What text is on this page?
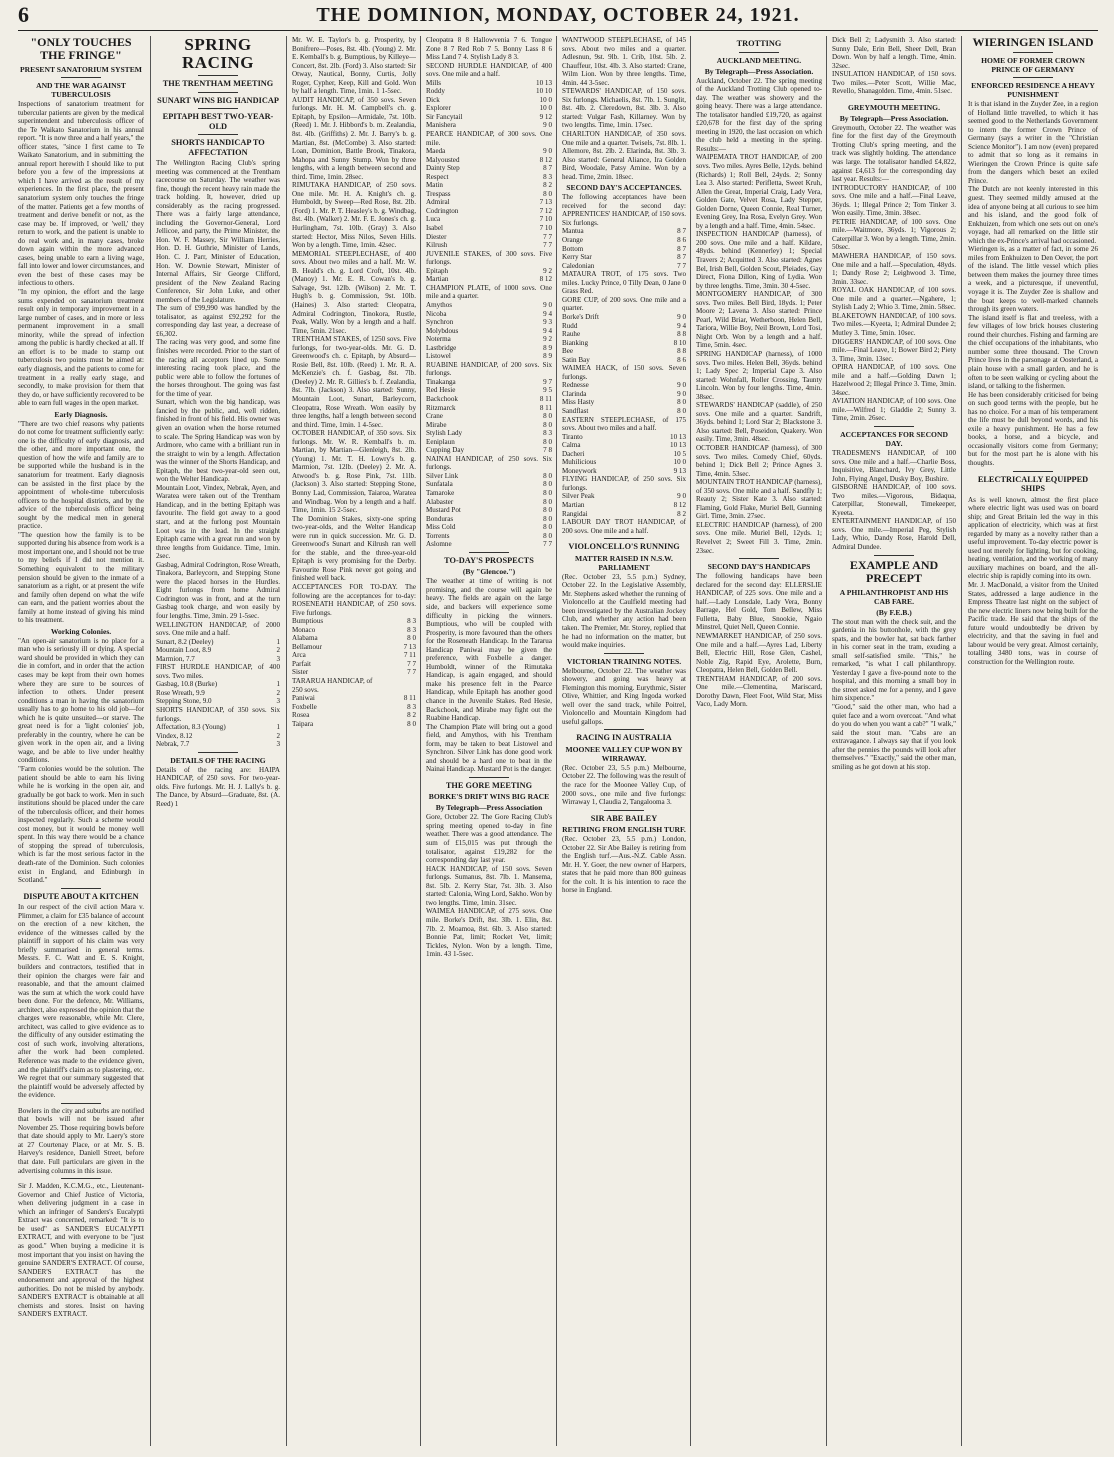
6	THE DOMINION, MONDAY, OCTOBER 24, 1921.
"ONLY TOUCHES THE FRINGE"
PRESENT SANATORIUM SYSTEM
AND THE WAR AGAINST TUBERCULOSIS

Inspections of sanatorium treatment for tubercular patients are given by the medical superintendent and tuberculosis officer of the Te Waikato Sanatorium in his annual report. "It is now three and a half years," the officer states, "since I first came to Te Waikato Sanatorium, and in submitting the annual report herewith I should like to put before you a few of the impressions at which I have arrived as the result of my experiences. In the first place, the present sanatorium system only touches the fringe of the matter. Patients get a few months of treatment and derive benefit or not, as the case may be. If improved, or 'well,' they return to work, and the patient is unable to do real work and, in many cases, broke down again within the more advanced cases, being unable to earn a living wage, fall into lower and lower circumstances, and even the best of these cases may be infectious to others.

"In my opinion, the effort and the large sums expended on sanatorium treatment result only in temporary improvement in a large number of cases, and in more or less permanent improvement in a small minority, while the spread of infection among the public is hardly checked at all. If an effort is to be made to stamp out tuberculosis two points must be aimed at: early diagnosis, and the patients to come for treatment in a really early stage, and secondly, to make provision for them that they do, or have sufficiently recovered to be able to earn full wages in the open market.

Early Diagnosis.

"There are two chief reasons why patients do not come for treatment sufficiently early: one is the difficulty of early diagnosis, and the other, and more important one, the question of how the wife and family are to be supported while the husband is in the sanatorium for treatment. Early diagnosis can be assisted in the first place by the appointment of whole-time tuberculosis officers to the hospital districts, and by the advice of the tuberculosis officer being sought by the medical men in general practice.

"The question how the family is to be supported during his absence from work is a most important one, and I should not be true to my beliefs if I did not mention it. Something equivalent to the military pension should be given to the inmate of a sanatorium as a right, or at present the wife and family often depend on what the wife can earn, and the patient worries about the family at home instead of giving his mind to his treatment.

Working Colonies.

"An open-air sanatorium is no place for a man who is seriously ill or dying. A special ward should be provided in which they can die in comfort, and in order that the action cases may be kept from their own homes where they are sure to be sources of infection to others. Under present conditions a man in having the sanatorium usually has to go home to his old job—for which he is quite unsuited—or starve. The great need is for a 'light colonies' job, preferably in the country, where he can be given work in the open air, and a living wage, and be able to live under healthy conditions.

"Farm colonies would be the solution. The patient should be able to earn his living while he is working in the open air, and gradually be got back to work. Men in such institutions should be placed under the care of the tuberculosis officer, and their homes inspected regularly. Such a scheme would cost money, but it would be money well spent. In this way there would be a chance of stopping the spread of tuberculosis, which is far the most serious factor in the death-rate of the Dominion. Such colonies exist in England, and Edinburgh in Scotland."

DISPUTE ABOUT A KITCHEN

In our respect of the civil action Mara v. Plimmer, a claim for £35 balance of account on the erection of a new kitchen, the evidence of the witnesses called by the plaintiff in support of his claim was very briefly summarised in general terms. Messrs. F. C. Watt and E. S. Knight, builders and contractors, testified that in their opinion the charges were fair and reasonable, and that the amount claimed was the sum at which the work could have been done. For the defence, Mr. Williams, architect, also expressed the opinion that the charges were reasonable, while Mr. Clere, architect, was called to give evidence as to the difficulty of any outsider estimating the cost of such work, involving alterations, after the work had been completed. Reference was made to the evidence given, and the plaintiff's claim as to plastering, etc. We regret that our summary suggested that the plaintiff would be adversely affected by the evidence.

Bowlers in the city and suburbs are notified that bowls will not be issued after November 25. Those requiring bowls before that date should apply to Mr. Laery's store at 27 Courtenay Place, or at Mr. S. B. Harvey's residence, Daniell Street, before that date. Full particulars are given in the advertising columns in this issue.

Sir J. Madden, K.C.M.G., etc., Lieutenant-Governor and Chief Justice of Victoria, when delivering judgment in a case in which an infringer of Sanders's Eucalypti Extract was concerned, remarked: "It is to be used" as SANDER'S EUCALYPTI EXTRACT, and with everyone to be "just as good." When buying a medicine it is most important that you insist on having the genuine SANDER'S EXTRACT. Of course, SANDER'S EXTRACT has the endorsement and approval of the highest authorities. Do not be misled by anybody. SANDER'S EXTRACT is obtainable at all chemists and stores. Insist on having SANDER'S EXTRACT.

SPRING RACING
THE TRENTHAM MEETING
SUNART WINS BIG HANDICAP
EPITAPH BEST TWO-YEAR-OLD
SHORTS HANDICAP TO AFFECTATION

The Wellington Racing Club's spring meeting was commenced at the Trentham racecourse on Saturday. The weather was fine, though the recent heavy rain made the track holding. It, however, dried up considerably as the racing progressed. There was a fairly large attendance, including the Governor-General, Lord Jellicoe, and party, the Prime Minister, the Hon. W. F. Massey, Sir William Herries, Hon. D. H. Guthrie, Minister of Lands, Hon. C. J. Parr, Minister of Education, Hon. W. Downie Stewart, Minister of Internal Affairs, Sir George Clifford, president of the New Zealand Racing Conference, Sir John Luke, and other members of the Legislature.

The sum of £99,990 was handled by the totalisator, as against £92,292 for the corresponding day last year, a decrease of £6,302.

The racing was very good, and some fine finishes were recorded. Prior to the start of the racing all acceptors lined up. Some interesting racing took place, and the public were able to follow the fortunes of the horses throughout. The going was fast for the time of year.

Sunart, which won the big handicap, was fancied by the public, and, well ridden, finished in front of his field. His owner was given an ovation when the horse returned to scale. The Spring Handicap was won by Ardmore, who came with a brilliant run in the straight to win by a length. Affectation was the winner of the Shorts Handicap, and Epitaph, the best two-year-old seen out, won the Welter Handicap.

Mountain Loot, Vindex, Nebrak, Ayen, and Waratea were taken out of the Trentham Handicap, and in the betting Epitaph was favourite. The field got away to a good start, and at the furlong post Mountain Loot was in the lead. In the straight Epitaph came with a great run and won by three lengths from Guidance. Time, 1min. 2sec.

Gasbag, Admiral Codrington, Rose Wreath, Tinakora, Barleycorn, and Stepping Stone were the placed horses in the Hurdles. Eight furlongs from home Admiral Codrington was in front, and at the turn Gasbag took charge, and won easily by four lengths. Time, 3min. 29 1-5sec.

WELLINGTON HANDICAP, of 2000 sovs. One mile and a half.

Sunart, 8.2 (Deeley)	1
Mountain Loot, 8.9	2
Marmion, 7.7	3

FIRST HURDLE HANDICAP, of 400 sovs. Two miles.

Gasbag, 10.8 (Burke)	1
Rose Wreath, 9.9	2
Stepping Stone, 9.0	3

SHORTS HANDICAP, of 350 sovs. Six furlongs.

Affectation, 8.3 (Young)	1
Vindex, 8.12	2
Nebrak, 7.7	3
DETAILS OF THE RACING

Details of the racing are: HAIPA HANDICAP, of 250 sovs. For two-year-olds. Five furlongs. Mr. H. J. Lally's b. g. The Dance, by Absurd—Graduate, 8st. (A. Reed) 1

Mr. W. E. Taylor's b. g. Prosperity, by Bonifrere—Poses, 8st. 4lb. (Young) 2. Mr. E. Kemball's b. g. Bumptious, by Killeye—Concert, 8st. 2lb. (Ford) 3. Also started: Sir Otway, Nautical, Bonny, Curtis, Jolly Roger, Cypher, Keep, Kill and Gold. Won by half a length. Time, 1min. 1 1-5sec.

AUDIT HANDICAP, of 350 sovs. Seven furlongs. Mr. H. M. Campbell's ch. g. Epitaph, by Epsilon—Armidale, 7st. 10lb. (Reed) 1. Mr. J. Hibbord's b. m. Zealandia, 8st. 4lb. (Griffiths) 2. Mr. J. Barry's b. g. Martian, 8st. (McCombe) 3. Also started: Loan, Dominion, Battle Brook, Tinakora, Mahopa and Sunny Stump. Won by three lengths, with a length between second and third. Time, 1min. 28sec.

RIMUTAKA HANDICAP, of 250 sovs. One mile. Mr. H. A. Knight's ch. g. Humboldt, by Sweep—Red Rose, 8st. 2lb. (Ford) 1. Mr. P. T. Heasley's b. g. Windbag, 8st. 4lb. (Walker) 2. Mr. F. E. Jones's ch. g. Hurlingham, 7st. 10lb. (Gray) 3. Also started: Hector, Miss Nilos, Seven Hills. Won by a length. Time, 1min. 42sec.

MEMORIAL STEEPLECHASE, of 400 sovs. About two miles and a half. Mr. W. B. Heald's ch. g. Lord Croft, 10st. 4lb. (Manoy) 1. Mr. E. R. Cowan's b. g. Salvage, 9st. 12lb. (Wilson) 2. Mr. T. Hugh's b. g. Commission, 9st. 10lb. (Haines) 3. Also started: Cleopatra, Admiral Codrington, Tinokora, Rustle, Peak, Wally. Won by a length and a half. Time, 5min. 21sec.

TRENTHAM STAKES, of 1250 sovs. Five furlongs, for two-year-olds. Mr. G. D. Greenwood's ch. c. Epitaph, by Absurd—Rosie Bell, 8st. 10lb. (Reed) 1. Mr. R. A. McKenzie's ch. f. Gasbag, 8st. 7lb. (Deeley) 2. Mr. R. Gillies's b. f. Zealandia, 8st. 7lb. (Jackson) 3. Also started: Sunny, Mountain Loot, Sunart, Barleycorn, Cleopatra, Rose Wreath. Won easily by three lengths, half a length between second and third. Time, 1min. 1 4-5sec.

OCTOBER HANDICAP, of 350 sovs. Six furlongs. Mr. W. R. Kemball's b. m. Martian, by Martian—Glenleigh, 8st. 2lb. (Young) 1. Mr. T. H. Lowry's b. g. Marmion, 7st. 12lb. (Deeley) 2. Mr. A. Atwood's b. g. Rose Pink, 7st. 11lb. (Jackson) 3. Also started: Stepping Stone, Bonny Lad, Commission, Taiaroa, Waratea and Windbag. Won by a length and a half. Time, 1min. 15 2-5sec.

The Dominion Stakes, sixty-one spring two-year-olds, and the Welter Handicap were run in quick succession. Mr. G. D. Greenwood's Sunart and Kilrush ran well for the stable, and the three-year-old Epitaph is very promising for the Derby. Favourite Rose Pink never got going and finished well back.

ACCEPTANCES FOR TO-DAY. The following are the acceptances for to-day: ROSENEATH HANDICAP, of 250 sovs. Five furlongs.

Bumptious	8 3
Monaco	8 3
Alabama	8 0
Bellamour	7 13
Arca	7 11
Parfait	7 7
Sister	7 7
TARARUA HANDICAP, of 250 sovs.
Paniwai	8 11
Foxbelle	8 3
Rosea	8 2
Taipara	8 0

Cleopatra 8 8 Hallowvenia 7 6. Tongue Zone 8 7 Red Rob 7 5. Bonny Lass 8 6 Miss Land 7 4. Stylish Lady 8 3.

SECOND HURDLE HANDICAP, of 400 sovs. One mile and a half.

Mills	10 13
Roddy	10 10
Dick	10 0
Explorer	10 0
Sir Fancytail	9 12
Manishera	9 0

PEARCE HANDICAP, of 300 sovs. One mile.

Maeda	9 0
Malyousted	8 12
Dainty Step	8 7
Respect	8 3
Matin	8 2
Trespass	8 0
Admiral	7 13
Codrington	7 12
Luca	7 10
Isabel	7 10
Diester	7 7
Kilrush	7 7

JUVENILE STAKES, of 300 sovs. Five furlongs.

Epitaph	9 2
Martian	8 12

CHAMPION PLATE, of 1000 sovs. One mile and a quarter.

Amythos	9 0
Nicoba	9 4
Synchron	9 3
Molybdous	9 4
Noterma	9 2
Lastbridge	8 9
Listowel	8 9

RUABINE HANDICAP, of 200 sovs. Six furlongs.

Tinakanga	9 7
Red Hesie	9 5
Backchook	8 11
Ritzmarck	8 11
Crane	8 0
Mirabe	8 0
Stylish Lady	8 3
Eeniplaun	8 0
Cupping Day	7 8

NAINAI HANDICAP, of 250 sovs. Six furlongs.

Silver Link	8 0
Sunfatala	8 0
Tamaroke	8 0
Alabaster	8 0
Mustard Pot	8 0
Bonduras	8 0
Miss Cold	8 0
Torrents	8 0
Aslomne	7 7
TO-DAY'S PROSPECTS
(By "Glencoe.")

The weather at time of writing is not promising, and the course will again be heavy. The fields are again on the large side, and backers will experience some difficulty in picking the winners. Bumptious, who will be coupled with Prosperity, is more favoured than the others for the Roseneath Handicap. In the Tararua Handicap Paniwai may be given the preference, with Foxbelle a danger. Humboldt, winner of the Rimutaka Handicap, is again engaged, and should make his presence felt in the Pearce Handicap, while Epitaph has another good chance in the Juvenile Stakes. Red Hesie, Backchook, and Mirabe may fight out the Ruabine Handicap.

The Champion Plate will bring out a good field, and Amythos, with his Trentham form, may be taken to beat Listowel and Synchron. Silver Link has done good work and should be a hard one to beat in the Nainai Handicap. Mustard Pot is the danger.

THE GORE MEETING
BORKE'S DRIFT WINS BIG RACE
By Telegraph—Press Association

Gore, October 22. The Gore Racing Club's spring meeting opened to-day in fine weather. There was a good attendance. The sum of £15,015 was put through the totalisator, against £19,282 for the corresponding day last year.

HACK HANDICAP, of 150 sovs. Seven furlongs. Sumanus, 8st. 7lb. 1. Mansema, 8st. 5lb. 2. Kerry Star, 7st. 3lb. 3. Also started: Calonia, Wing Lord, Sakho. Won by two lengths. Time, 1min. 31sec.

WAIMEA HANDICAP, of 275 sovs. One mile. Borke's Drift, 8st. 3lb. 1. Elin, 8st. 7lb. 2. Moamoa, 8st. 6lb. 3. Also started: Bonnie Pat, limit; Rocket Vet, limit; Tickles, Nylon. Won by a length. Time, 1min. 43 1-5sec.

WANTWOOD STEEPLECHASE, of 145 sovs. About two miles and a quarter. Adlesnun, 9st. 9lb. 1. Crib, 10st. 5lb. 2. Chauffeur, 10st. 4lb. 3. Also started: Crane, Wilm Lion. Won by three lengths. Time, 4min. 44 3-5sec.

STEWARDS' HANDICAP, of 150 sovs. Six furlongs. Michaelis, 8st. 7lb. 1. Sunglit, 8st. 4lb. 2. Cleredown, 8st. 3lb. 3. Also started: Vulgar Fash, Killarney. Won by two lengths. Time, 1min. 17sec.

CHARLTON HANDICAP, of 350 sovs. One mile and a quarter. Twisels, 7st. 8lb. 1. Allemore, 8st. 2lb. 2. Elarinda, 8st. 3lb. 3. Also started: General Aliance, Ira Golden Bird, Woodale, Patsy Amine. Won by a head. Time, 2min. 18sec.

SECOND DAY'S ACCEPTANCES.

The following acceptances have been received for the second day: APPRENTICES' HANDICAP, of 150 sovs. Six furlongs.

Mantua	8 7
Orange	8 6
Bottom	8 7
Kerry Star	8 7
Caledonian	7 7

MATAURA TROT, of 175 sovs. Two miles. Lucky Prince, 0 Tilly Dean, 0 Jane 0 Grass Red.

GORE CUP, of 200 sovs. One mile and a quarter.

Borke's Drift	9 0
Rudd	9 4
Rauhe	8 8
Bianking	8 10
Bee	8 8
Satin Bay	8 6

WAIMEA HACK, of 150 sovs. Seven furlongs.

Rednesse	9 0
Clarinda	9 0
Miss Hasty	8 0
Sandflast	8 0

EASTERN STEEPLECHASE, of 175 sovs. About two miles and a half.

Tiranto	10 13
Calma	10 13
Dacheri	10 5
Muhilicious	10 0
Moneywork	9 13

FLYING HANDICAP, of 250 sovs. Six furlongs.

Silver Peak	9 0
Martian	8 12
Rangidai	8 2

LABOUR DAY TROT HANDICAP, of 200 sovs. One mile and a half.

VIOLONCELLO'S RUNNING
MATTER RAISED IN N.S.W. PARLIAMENT

(Rec. October 23, 5.5 p.m.) Sydney, October 22. In the Legislative Assembly, Mr. Stephens asked whether the running of Violoncello at the Caulfield meeting had been investigated by the Australian Jockey Club, and whether any action had been taken. The Premier, Mr. Storey, replied that he had no information on the matter, but would make inquiries.

VICTORIAN TRAINING NOTES.

Melbourne, October 22. The weather was showery, and going was heavy at Flemington this morning. Eurythmic, Sister Olive, Whittier, and King Ingoda worked well over the sand track, while Poitrel, Violoncello and Mountain Kingdom had useful gallops.

RACING IN AUSTRALIA
MOONEE VALLEY CUP WON BY WIRRAWAY.

(Rec. October 23, 5.5 p.m.) Melbourne, October 22. The following was the result of the race for the Moonee Valley Cup, of 2000 sovs., one mile and five furlongs: Wirraway 1, Claudia 2, Tangalooma 3.

SIR ABE BAILEY
RETIRING FROM ENGLISH TURF.

(Rec. October 23, 5.5 p.m.) London, October 22. Sir Abe Bailey is retiring from the English turf.—Aus.-N.Z. Cable Assn. Mr. H. Y. Goer, the new owner of Harpers, states that he paid more than 800 guineas for the colt. It is his intention to race the horse in England.

TROTTING
AUCKLAND MEETING.
By Telegraph—Press Association.

Auckland, October 22. The spring meeting of the Auckland Trotting Club opened to-day. The weather was showery and the going heavy. There was a large attendance. The totalisator handled £19,720, as against £20,678 for the first day of the spring meeting in 1920, the last occasion on which the club held a meeting in the spring. Results:—

WAIPEMATA TROT HANDICAP, of 200 sovs. Two miles. Ayres Belle, 12yds. behind (Richards) 1; Roll Bell, 24yds. 2; Sonny Lea 3. Also started: Perifletta, Sweet Kruh, Allen the Great, Imperial Craig, Lady Vera, Golden Gate, Velvet Rosa, Lady Stepper, Golden Dorne, Queen Connie, Real Turner, Evening Grey, Ina Rosa, Evelyn Grey. Won by a length and a half. Time, 4min. 54sec.

INSPECTION HANDICAP (harness), of 200 sovs. One mile and a half. Kildare, 48yds. behind (Kennerley) 1; Special Travers 2; Acquitted 3. Also started: Agnes Bel, Irish Bell, Golden Scout, Pleiades, Gay Direct, Fiona Dillon, King of Lydia. Won by three lengths. Time, 3min. 30 4-5sec.

MONTGOMERY HANDICAP, of 300 sovs. Two miles. Bell Bird, 18yds. 1; Peter Moore 2; Lavena 3. Also started: Prince Pearl, Wild Briar, Wetherboon, Helen Bell, Tariora, Willie Boy, Neil Brown, Lord Tosi, Night Orb. Won by a length and a half. Time, 5min. 4sec.

SPRING HANDICAP (harness), of 1000 sovs. Two miles. Helen Bell, 36yds. behind 1; Lady Spec 2; Imperial Cape 3. Also started: Wohnfall, Roller Crossing, Taunty Lincoln. Won by four lengths. Time, 4min. 38sec.

STEWARDS' HANDICAP (saddle), of 250 sovs. One mile and a quarter. Sandrift, 36yds. behind 1; Lord Star 2; Blackstone 3. Also started: Bell, Poseidon, Quakery. Won easily. Time, 3min. 48sec.

OCTOBER HANDICAP (harness), of 300 sovs. Two miles. Comedy Chief, 60yds. behind 1; Dick Bell 2; Prince Agnes 3. Time, 4min. 53sec.

MOUNTAIN TROT HANDICAP (harness), of 350 sovs. One mile and a half. Sandfly 1; Reauty 2; Sister Kate 3. Also started: Flaming, Gold Flake, Muriel Bell, Gunning Girl. Time, 3min. 27sec.

ELECTRIC HANDICAP (harness), of 200 sovs. One mile. Muriel Bell, 12yds. 1; Revelvet 2; Sweet Fill 3. Time, 2min. 23sec.

SECOND DAY'S HANDICAPS

The following handicaps have been declared for the second day: ELLERSLIE HANDICAP, of 225 sovs. One mile and a half.—Lady Lonsdale, Lady Vera, Bonny Barrage, Hel Gold, Tom Bellew, Miss Fulletta, Baby Blue, Snookie, Ngaio Minstrel, Quiet Nell, Queen Connie.

NEWMARKET HANDICAP, of 250 sovs. One mile and a half.—Ayres Lad, Liberty Bell, Electric Hill, Rose Glen, Cashel, Noble Zig, Rapid Eye, Arolette, Burn, Cleopatra, Helen Bell, Golden Bell.

TRENTHAM HANDICAP, of 200 sovs. One mile.—Clementina, Mariscard, Dorothy Dawn, Fleet Foot, Wild Star, Miss Vaco, Lady Morn.

Dick Bell 2; Ladysmith 3. Also started: Sunny Dale, Erin Bell, Sheer Dell, Bran Down. Won by half a length. Time, 4min. 32sec.

INSULATION HANDICAP, of 150 sovs. Two miles.—Peter Scott, Willie Mac, Revello, Shanagolden. Time, 4min. 51sec.

GREYMOUTH MEETING.
By Telegraph—Press Association.

Greymouth, October 22. The weather was fine for the first day of the Greymouth Trotting Club's spring meeting, and the track was slightly holding. The attendance was large. The totalisator handled £4,822, against £4,613 for the corresponding day last year. Results:—

INTRODUCTORY HANDICAP, of 100 sovs. One mile and a half.—Final Leave, 36yds. 1; Illegal Prince 2; Tom Tinker 3. Won easily. Time, 3min. 38sec.

PETRIE HANDICAP, of 100 sovs. One mile.—Waitmore, 36yds. 1; Vigorous 2; Caterpillar 3. Won by a length. Time, 2min. 50sec.

MAWHERA HANDICAP, of 150 sovs. One mile and a half.—Speculation, 48yds. 1; Dandy Rose 2; Leighwood 3. Time, 3min. 33sec.

ROYAL OAK HANDICAP, of 100 sovs. One mile and a quarter.—Ngahere, 1; Stylish Lady 2; Whio 3. Time, 2min. 58sec.

BLAKETOWN HANDICAP, of 100 sovs. Two miles.—Kyeeta, 1; Admiral Dundee 2; Mutley 3. Time, 5min. 10sec.

DIGGERS' HANDICAP, of 100 sovs. One mile.—Final Leave, 1; Bower Bird 2; Piety 3. Time, 3min. 13sec.

OPIRA HANDICAP, of 100 sovs. One mile and a half.—Golding Dawn 1; Hazelwood 2; Illegal Prince 3. Time, 3min. 34sec.

AVIATION HANDICAP, of 100 sovs. One mile.—Wilfred 1; Gladdie 2; Sunny 3. Time, 2min. 26sec.

ACCEPTANCES FOR SECOND DAY.

TRADESMEN'S HANDICAP, of 100 sovs. One mile and a half.—Charlie Boss, Inquisitive, Blanchard, Ivy Grey, Little John, Flying Angel, Dusky Boy, Bushire.

GISBORNE HANDICAP, of 100 sovs. Two miles.—Vigorous, Bidaqua, Caterpillar, Stonewall, Timekeeper, Kyeeta.

ENTERTAINMENT HANDICAP, of 150 sovs. One mile.—Imperial Peg, Stylish Lady, Whio, Dandy Rose, Harold Dell, Admiral Dundee.

EXAMPLE AND PRECEPT
A PHILANTHROPIST AND HIS CAB FARE.
(By F.E.B.)

The stout man with the check suit, and the gardenia in his buttonhole, with the grey spats, and the bowler hat, sat back farther in his corner seat in the tram, exuding a small self-satisfied smile. "This," he remarked, "is what I call philanthropy. Yesterday I gave a five-pound note to the hospital, and this morning a small boy in the street asked me for a penny, and I gave him sixpence."

"Good," said the other man, who had a quiet face and a worn overcoat. "And what do you do when you want a cab?" "I walk," said the stout man. "Cabs are an extravagance. I always say that if you look after the pennies the pounds will look after themselves." "Exactly," said the other man, smiling as he got down at his stop.

WIERINGEN ISLAND
HOME OF FORMER CROWN PRINCE OF GERMANY
ENFORCED RESIDENCE A HEAVY PUNISHMENT

It is that island in the Zuyder Zee, in a region of Holland little travelled, to which it has seemed good to the Netherlands Government to intern the former Crown Prince of Germany (says a writer in the "Christian Science Monitor"). I am now (even) prepared to admit that so long as it remains in Wieringen the Crown Prince is quite safe from the dangers which beset an exiled Prince.

The Dutch are not keenly interested in this guest. They seemed mildly amused at the idea of anyone being at all curious to see him and his island, and the good folk of Enkhuizen, from which one sets out on one's voyage, had all remarked on the little stir which the ex-Prince's arrival had occasioned.

Wieringen is, as a matter of fact, in some 26 miles from Enkhuizen to Den Oever, the port of the island. The little vessel which plies between them makes the journey three times a week, and a picturesque, if uneventful, voyage it is. The Zuyder Zee is shallow and the boat keeps to well-marked channels through its green waters.

The island itself is flat and treeless, with a few villages of low brick houses clustering round their churches. Fishing and farming are the chief occupations of the inhabitants, who number some three thousand. The Crown Prince lives in the parsonage at Oosterland, a plain house with a small garden, and he is often to be seen walking or cycling about the island, or talking to the fishermen.

He has been considerably criticised for being on such good terms with the people, but he has no choice. For a man of his temperament the life must be dull beyond words, and his exile a heavy punishment. He has a few books, a horse, and a bicycle, and occasionally visitors come from Germany; but for the most part he is alone with his thoughts.

ELECTRICALLY EQUIPPED SHIPS

As is well known, almost the first place where electric light was used was on board ship; and Great Britain led the way in this application of electricity, which was at first regarded by many as a novelty rather than a useful improvement. To-day electric power is used not merely for lighting, but for cooking, heating, ventilation, and the working of many auxiliary machines on board, and the all-electric ship is rapidly coming into its own.

Mr. J. MacDonald, a visitor from the United States, addressed a large audience in the Empress Theatre last night on the subject of the new electric liners now being built for the Pacific trade. He said that the ships of the future would undoubtedly be driven by electricity, and that the saving in fuel and labour would be very great. Almost certainly, totalling 3480 tons, was in course of construction for the Wellington route.
